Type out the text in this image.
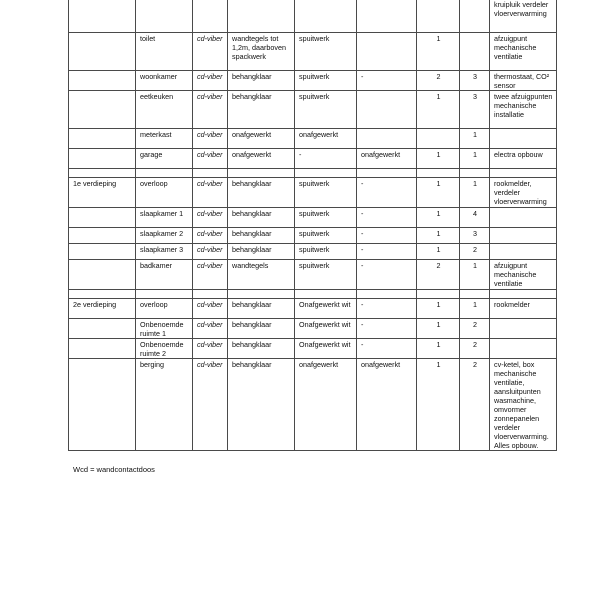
								kruipluik verdeler vloerverwarming

	toilet	cd-viber	wandtegels tot 1,2m, daarboven spackwerk	spuitwerk		1		afzuigpunt mechanische ventilatie
	woonkamer	cd-viber	behangklaar	spuitwerk	-	2	3	thermostaat, CO² sensor
	eetkeuken	cd-viber	behangklaar	spuitwerk		1	3	twee afzuigpunten mechanische installatie
	meterkast	cd-viber	onafgewerkt	onafgewerkt			1	
	garage	cd-viber	onafgewerkt	-	onafgewerkt	1	1	electra opbouw

1e verdieping	overloop	cd-viber	behangklaar	spuitwerk	-	1	1	rookmelder, verdeler vloerverwarming
	slaapkamer 1	cd-viber	behangklaar	spuitwerk	-	1	4	
	slaapkamer 2	cd-viber	behangklaar	spuitwerk	-	1	3	
	slaapkamer 3	cd-viber	behangklaar	spuitwerk	-	1	2	
	badkamer	cd-viber	wandtegels	spuitwerk	-	2	1	afzuigpunt mechanische ventilatie

2e verdieping	overloop	cd-viber	behangklaar	Onafgewerkt wit	-	1	1	rookmelder
	Onbenoemde ruimte 1	cd-viber	behangklaar	Onafgewerkt wit	-	1	2	
	Onbenoemde ruimte 2	cd-viber	behangklaar	Onafgewerkt wit	-	1	2	
	berging	cd-viber	behangklaar	onafgewerkt	onafgewerkt	1	2	cv-ketel, box mechanische ventilatie, aansluitpunten wasmachine, omvormer zonnepanelen verdeler vloerverwarming. Alles opbouw.
Wcd = wandcontactdoos
